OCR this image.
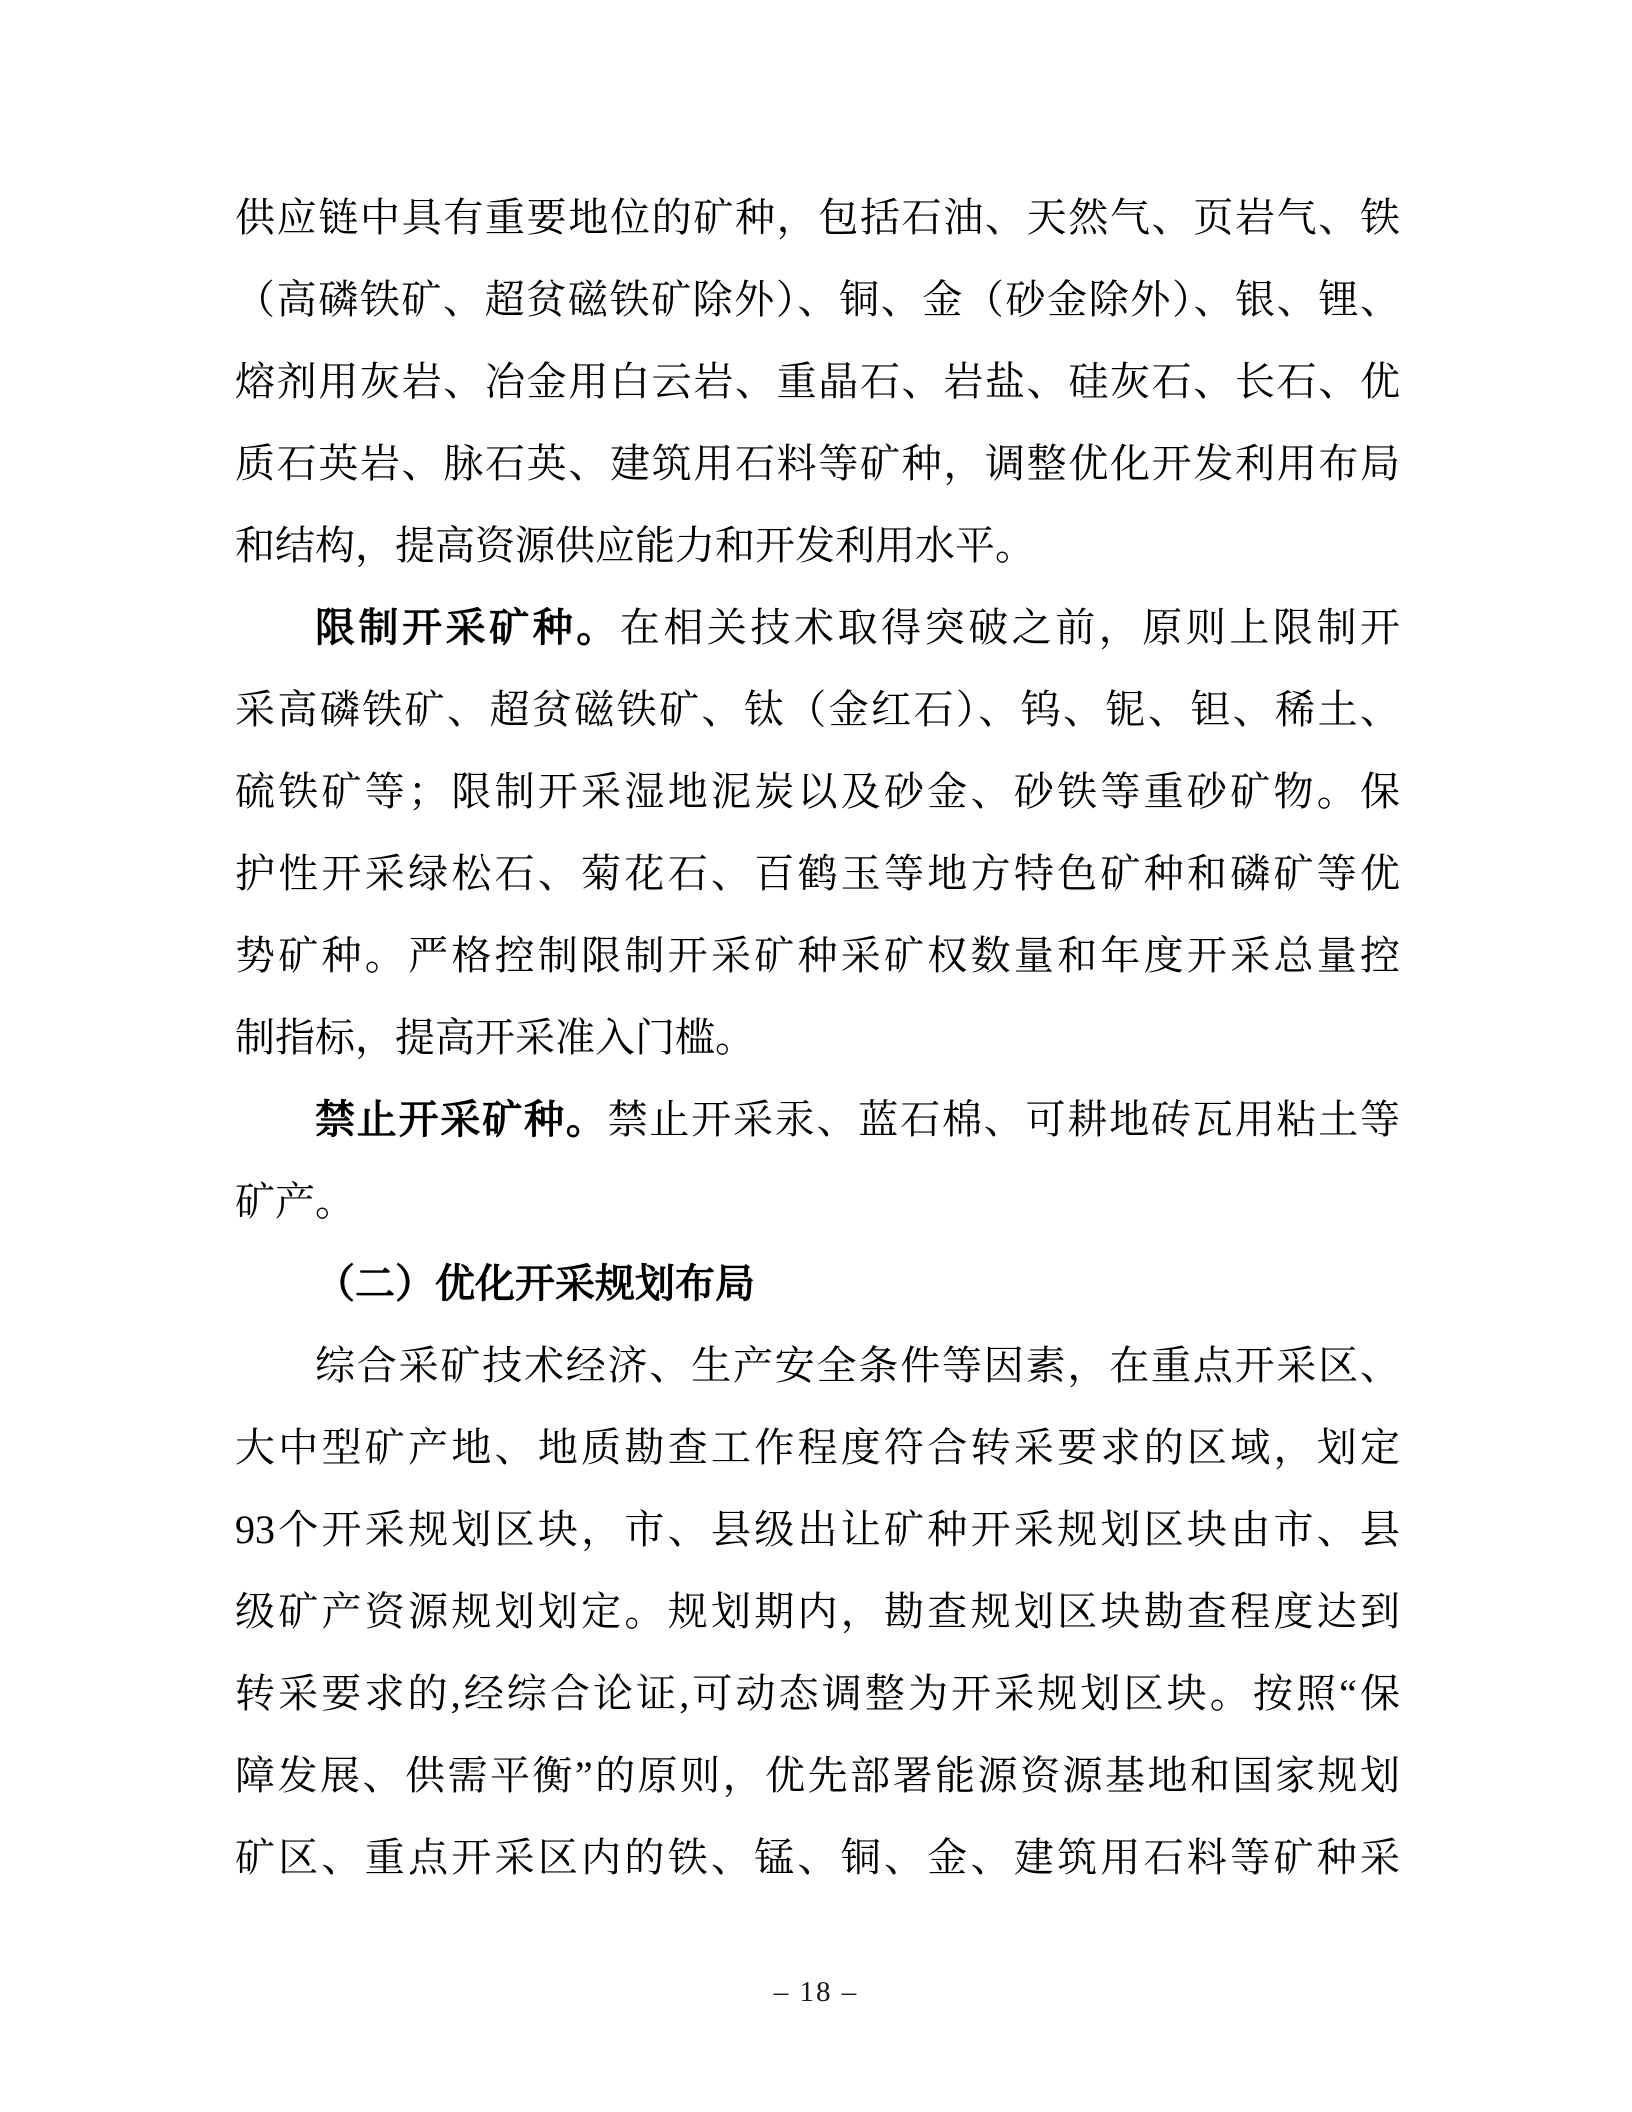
供应链中具有重要地位的矿种，包括石油、天然气、页岩气、铁
（高磷铁矿、超贫磁铁矿除外）、铜、金（砂金除外）、银、锂、
熔剂用灰岩、冶金用白云岩、重晶石、岩盐、硅灰石、长石、优
质石英岩、脉石英、建筑用石料等矿种，调整优化开发利用布局
和结构，提高资源供应能力和开发利用水平。
限制开采矿种。在相关技术取得突破之前，原则上限制开
采高磷铁矿、超贫磁铁矿、钛（金红石）、钨、铌、钽、稀土、
硫铁矿等；限制开采湿地泥炭以及砂金、砂铁等重砂矿物。保
护性开采绿松石、菊花石、百鹤玉等地方特色矿种和磷矿等优
势矿种。严格控制限制开采矿种采矿权数量和年度开采总量控
制指标，提高开采准入门槛。
禁止开采矿种。禁止开采汞、蓝石棉、可耕地砖瓦用粘土等
矿产。
（二）优化开采规划布局
综合采矿技术经济、生产安全条件等因素，在重点开采区、
大中型矿产地、地质勘查工作程度符合转采要求的区域，划定
93个开采规划区块，市、县级出让矿种开采规划区块由市、县
级矿产资源规划划定。规划期内，勘查规划区块勘查程度达到
转采要求的,经综合论证,可动态调整为开采规划区块。按照“保
障发展、供需平衡”的原则，优先部署能源资源基地和国家规划
矿区、重点开采区内的铁、锰、铜、金、建筑用石料等矿种采
– 18 –
